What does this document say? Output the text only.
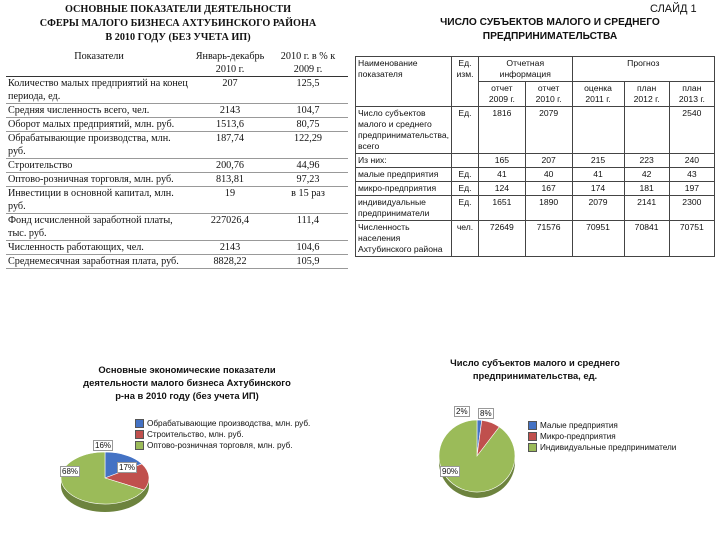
ОСНОВНЫЕ ПОКАЗАТЕЛИ ДЕЯТЕЛЬНОСТИ
СФЕРЫ МАЛОГО БИЗНЕСА АХТУБИНСКОГО РАЙОНА
В 2010 ГОДУ (БЕЗ УЧЕТА ИП)
СЛАЙД 1
ЧИСЛО СУБЪЕКТОВ МАЛОГО И СРЕДНЕГО
ПРЕДПРИНИМАТЕЛЬСТВА
Показатели	Январь-декабрь 2010 г.	2010 г. в % к 2009 г.
Количество малых предприятий на конец периода, ед.	207	125,5
Средняя численность всего, чел.	2143	104,7
Оборот малых предприятий, млн. руб.	1513,6	80,75
Обрабатывающие производства, млн. руб.	187,74	122,29
Строительство	200,76	44,96
Оптово-розничная торговля, млн. руб.	813,81	97,23
Инвестиции в основной капитал, млн. руб.	19	в 15 раз
Фонд исчисленной заработной платы, тыс. руб.	227026,4	111,4
Численность работающих, чел.	2143	104,6
Среднемесячная заработная плата, руб.	8828,22	105,9
Наименование показателя	Ед. изм.	Отчетная информация		Прогноз		
		отчет 2009 г.	отчет 2010 г.	оценка 2011 г.	план 2012 г.	план 2013 г.
Число субъектов малого и среднего предпринимательства, всего	Ед.	1816	2079			2540
Из них:		165	207	215	223	240
малые предприятия	Ед.	41	40	41	42	43
микро-предприятия	Ед.	124	167	174	181	197
индивидуальные предприниматели	Ед.	1651	1890	2079	2141	2300
Численность населения Ахтубинского района	чел.	72649	71576	70951	70841	70751
Основные экономические показатели деятельности малого бизнеса Ахтубинского р-на в 2010 году (без учета ИП)
Обрабатывающие производства, млн. руб.
Строительство, млн. руб.
Оптово-розничная торговля, млн. руб.
16%
17%
68%
Число субъектов малого и среднего предпринимательства, ед.
Малые предприятия
Микро-предприятия
Индивидуальные предприниматели
2% 8%
90%
